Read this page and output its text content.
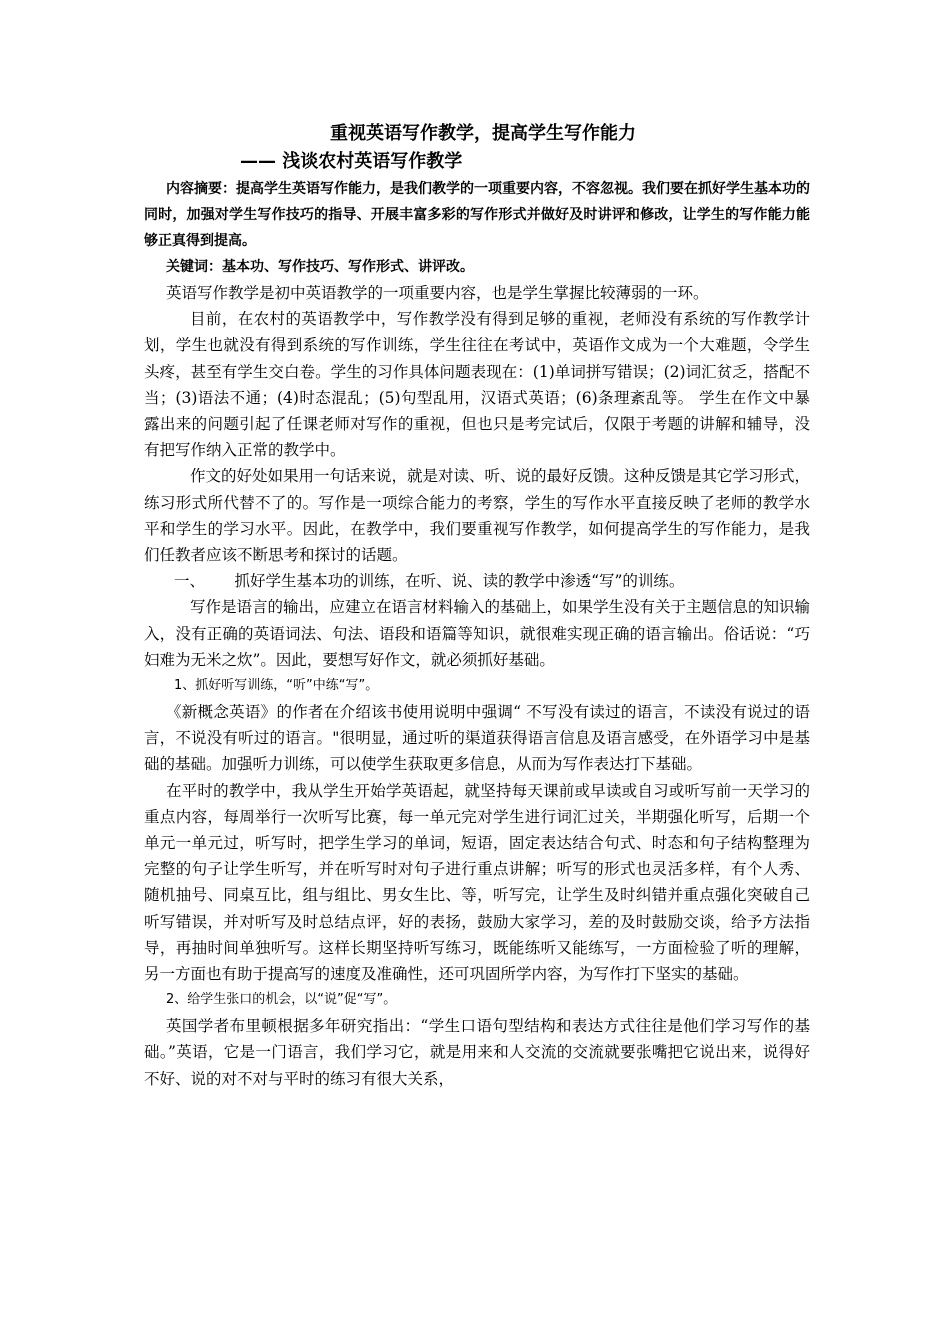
重视英语写作教学，提高学生写作能力
—— 浅谈农村英语写作教学

内容摘要：提高学生英语写作能力，是我们教学的一项重要内容，不容忽视。我们要在抓好学生基本功的同时，加强对学生写作技巧的指导、开展丰富多彩的写作形式并做好及时讲评和修改，让学生的写作能力能够正真得到提高。

关键词：基本功、写作技巧、写作形式、讲评改。

英语写作教学是初中英语教学的一项重要内容，也是学生掌握比较薄弱的一环。

目前，在农村的英语教学中，写作教学没有得到足够的重视，老师没有系统的写作教学计划，学生也就没有得到系统的写作训练，学生往往在考试中，英语作文成为一个大难题，令学生头疼，甚至有学生交白卷。学生的习作具体问题表现在：(1)单词拼写错误；(2)词汇贫乏，搭配不当；(3)语法不通；(4)时态混乱；(5)句型乱用，汉语式英语；(6)条理紊乱等。 学生在作文中暴露出来的问题引起了任课老师对写作的重视，但也只是考完试后，仅限于考题的讲解和辅导，没有把写作纳入正常的教学中。

作文的好处如果用一句话来说，就是对读、听、说的最好反馈。这种反馈是其它学习形式，练习形式所代替不了的。写作是一项综合能力的考察，学生的写作水平直接反映了老师的教学水平和学生的学习水平。因此，在教学中，我们要重视写作教学，如何提高学生的写作能力，是我们任教者应该不断思考和探讨的话题。

一、      抓好学生基本功的训练，在听、说、读的教学中渗透“写”的训练。

写作是语言的输出，应建立在语言材料输入的基础上，如果学生没有关于主题信息的知识输入，没有正确的英语词法、句法、语段和语篇等知识，就很难实现正确的语言输出。俗话说：“巧妇难为无米之炊”。因此，要想写好作文，就必须抓好基础。

1、抓好听写训练，“听”中练“写”。

《新概念英语》的作者在介绍该书使用说明中强调“ 不写没有读过的语言，不读没有说过的语言，不说没有听过的语言。"很明显，通过听的渠道获得语言信息及语言感受，在外语学习中是基础的基础。加强听力训练，可以使学生获取更多信息，从而为写作表达打下基础。

在平时的教学中，我从学生开始学英语起，就坚持每天课前或早读或自习或听写前一天学习的重点内容，每周举行一次听写比赛，每一单元完对学生进行词汇过关，半期强化听写，后期一个单元一单元过，听写时，把学生学习的单词，短语，固定表达结合句式、时态和句子结构整理为完整的句子让学生听写，并在听写时对句子进行重点讲解；听写的形式也灵活多样，有个人秀、随机抽号、同桌互比，组与组比、男女生比、等，听写完，让学生及时纠错并重点强化突破自己听写错误，并对听写及时总结点评，好的表扬，鼓励大家学习，差的及时鼓励交谈，给予方法指导，再抽时间单独听写。这样长期坚持听写练习，既能练听又能练写，一方面检验了听的理解，另一方面也有助于提高写的速度及准确性，还可巩固所学内容，为写作打下坚实的基础。

2、给学生张口的机会，以“说”促“写”。

英国学者布里顿根据多年研究指出：“学生口语句型结构和表达方式往往是他们学习写作的基础。”英语，它是一门语言，我们学习它，就是用来和人交流的交流就要张嘴把它说出来，说得好不好、说的对不对与平时的练习有很大关系，
